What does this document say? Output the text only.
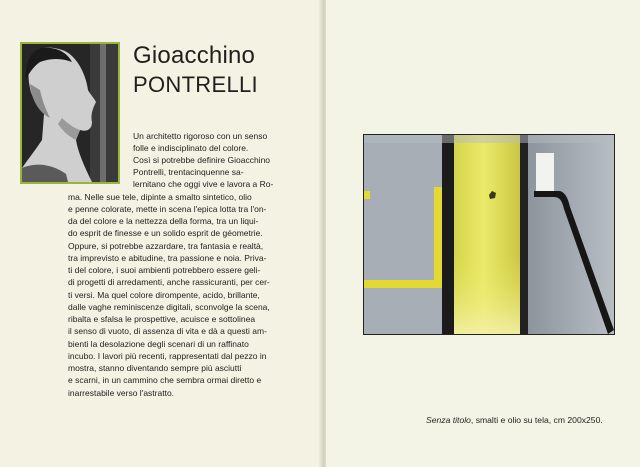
Gioacchino
PONTRELLI
Un architetto rigoroso con un senso
folle e indisciplinato del colore.
Così si potrebbe definire Gioacchino
Pontrelli, trentacinquenne sa-
lernitano che oggi vive e lavora a Ro-
ma. Nelle sue tele, dipinte a smalto sintetico, olio
e penne colorate, mette in scena l'epica lotta tra l'on-
da del colore e la nettezza della forma, tra un liqui-
do esprit de finesse e un solido esprit de géometrie.
Oppure, si potrebbe azzardare, tra fantasia e realtà,
tra imprevisto e abitudine, tra passione e noia. Priva-
ti del colore, i suoi ambienti potrebbero essere geli-
di progetti di arredamenti, anche rassicuranti, per cer-
ti versi. Ma quel colore dirompente, acido, brillante,
dalle vaghe reminiscenze digitali, sconvolge la scena,
ribalta e sfalsa le prospettive, acuisce e sottolinea
il senso di vuoto, di assenza di vita e dà a questi am-
bienti la desolazione degli scenari di un raffinato
incubo. I lavori più recenti, rappresentati dal pezzo in
mostra, stanno diventando sempre più asciutti
e scarni, in un cammino che sembra ormai diretto e
inarrestabile verso l'astratto.
Senza titolo, smalti e olio su tela, cm 200x250.
